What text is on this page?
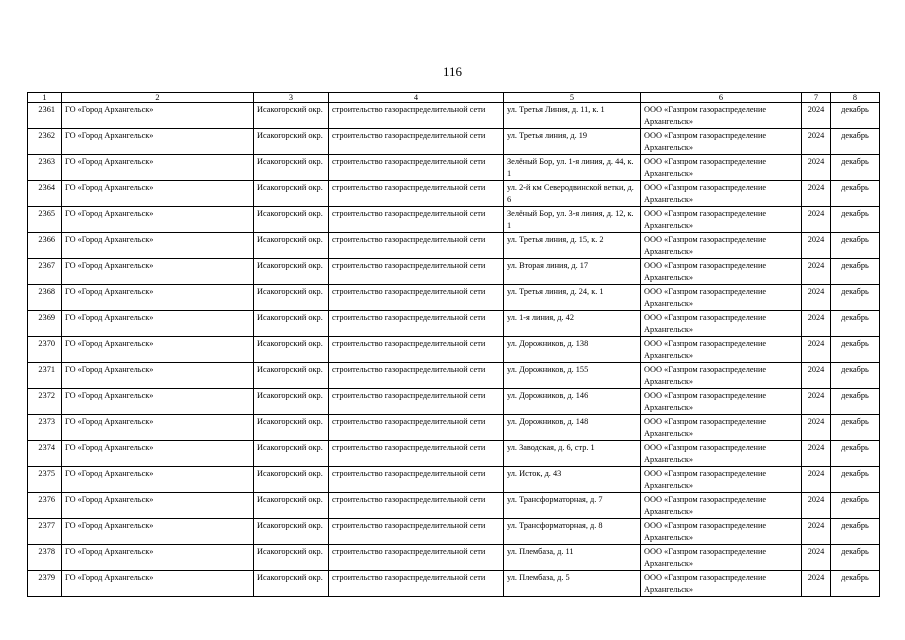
116
1	2	3	4	5	6	7	8
2361	ГО «Город Архангельск»	Исакогорский окр.	строительство газораспределительной сети	ул. Третья Линия, д. 11, к. 1	ООО «Газпром газораспределение Архангельск»	2024	декабрь
2362	ГО «Город Архангельск»	Исакогорский окр.	строительство газораспределительной сети	ул. Третья линия, д. 19	ООО «Газпром газораспределение Архангельск»	2024	декабрь
2363	ГО «Город Архангельск»	Исакогорский окр.	строительство газораспределительной сети	Зелёный Бор, ул. 1-я линия, д. 44, к. 1	ООО «Газпром газораспределение Архангельск»	2024	декабрь
2364	ГО «Город Архангельск»	Исакогорский окр.	строительство газораспределительной сети	ул. 2-й км Северодвинской ветки, д. 6	ООО «Газпром газораспределение Архангельск»	2024	декабрь
2365	ГО «Город Архангельск»	Исакогорский окр.	строительство газораспределительной сети	Зелёный Бор, ул. 3-я линия, д. 12, к. 1	ООО «Газпром газораспределение Архангельск»	2024	декабрь
2366	ГО «Город Архангельск»	Исакогорский окр.	строительство газораспределительной сети	ул. Третья линия, д. 15, к. 2	ООО «Газпром газораспределение Архангельск»	2024	декабрь
2367	ГО «Город Архангельск»	Исакогорский окр.	строительство газораспределительной сети	ул. Вторая линия, д. 17	ООО «Газпром газораспределение Архангельск»	2024	декабрь
2368	ГО «Город Архангельск»	Исакогорский окр.	строительство газораспределительной сети	ул. Третья линия, д. 24, к. 1	ООО «Газпром газораспределение Архангельск»	2024	декабрь
2369	ГО «Город Архангельск»	Исакогорский окр.	строительство газораспределительной сети	ул. 1-я линия, д. 42	ООО «Газпром газораспределение Архангельск»	2024	декабрь
2370	ГО «Город Архангельск»	Исакогорский окр.	строительство газораспределительной сети	ул. Дорожников, д. 138	ООО «Газпром газораспределение Архангельск»	2024	декабрь
2371	ГО «Город Архангельск»	Исакогорский окр.	строительство газораспределительной сети	ул. Дорожников, д. 155	ООО «Газпром газораспределение Архангельск»	2024	декабрь
2372	ГО «Город Архангельск»	Исакогорский окр.	строительство газораспределительной сети	ул. Дорожников, д. 146	ООО «Газпром газораспределение Архангельск»	2024	декабрь
2373	ГО «Город Архангельск»	Исакогорский окр.	строительство газораспределительной сети	ул. Дорожников, д. 148	ООО «Газпром газораспределение Архангельск»	2024	декабрь
2374	ГО «Город Архангельск»	Исакогорский окр.	строительство газораспределительной сети	ул. Заводская, д. 6, стр. 1	ООО «Газпром газораспределение Архангельск»	2024	декабрь
2375	ГО «Город Архангельск»	Исакогорский окр.	строительство газораспределительной сети	ул. Исток, д. 43	ООО «Газпром газораспределение Архангельск»	2024	декабрь
2376	ГО «Город Архангельск»	Исакогорский окр.	строительство газораспределительной сети	ул. Трансформаторная, д. 7	ООО «Газпром газораспределение Архангельск»	2024	декабрь
2377	ГО «Город Архангельск»	Исакогорский окр.	строительство газораспределительной сети	ул. Трансформаторная, д. 8	ООО «Газпром газораспределение Архангельск»	2024	декабрь
2378	ГО «Город Архангельск»	Исакогорский окр.	строительство газораспределительной сети	ул. Плембаза, д. 11	ООО «Газпром газораспределение Архангельск»	2024	декабрь
2379	ГО «Город Архангельск»	Исакогорский окр.	строительство газораспределительной сети	ул. Плембаза, д. 5	ООО «Газпром газораспределение Архангельск»	2024	декабрь
